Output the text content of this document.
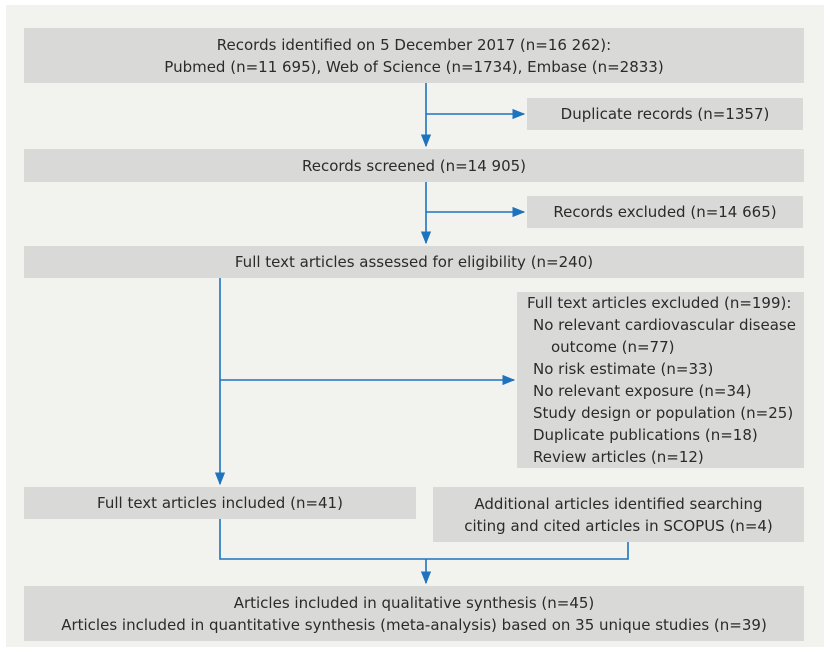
Records identified on 5 December 2017 (n=16 262):
Pubmed (n=11 695), Web of Science (n=1734), Embase (n=2833)
Duplicate records (n=1357)
Records screened (n=14 905)
Records excluded (n=14 665)
Full text articles assessed for eligibility (n=240)
Full text articles excluded (n=199):
No relevant cardiovascular disease
outcome (n=77)
No risk estimate (n=33)
No relevant exposure (n=34)
Study design or population (n=25)
Duplicate publications (n=18)
Review articles (n=12)
Full text articles included (n=41)	Additional articles identified searching
citing and cited articles in SCOPUS (n=4)
Articles included in qualitative synthesis (n=45)
Articles included in quantitative synthesis (meta-analysis) based on 35 unique studies (n=39)
